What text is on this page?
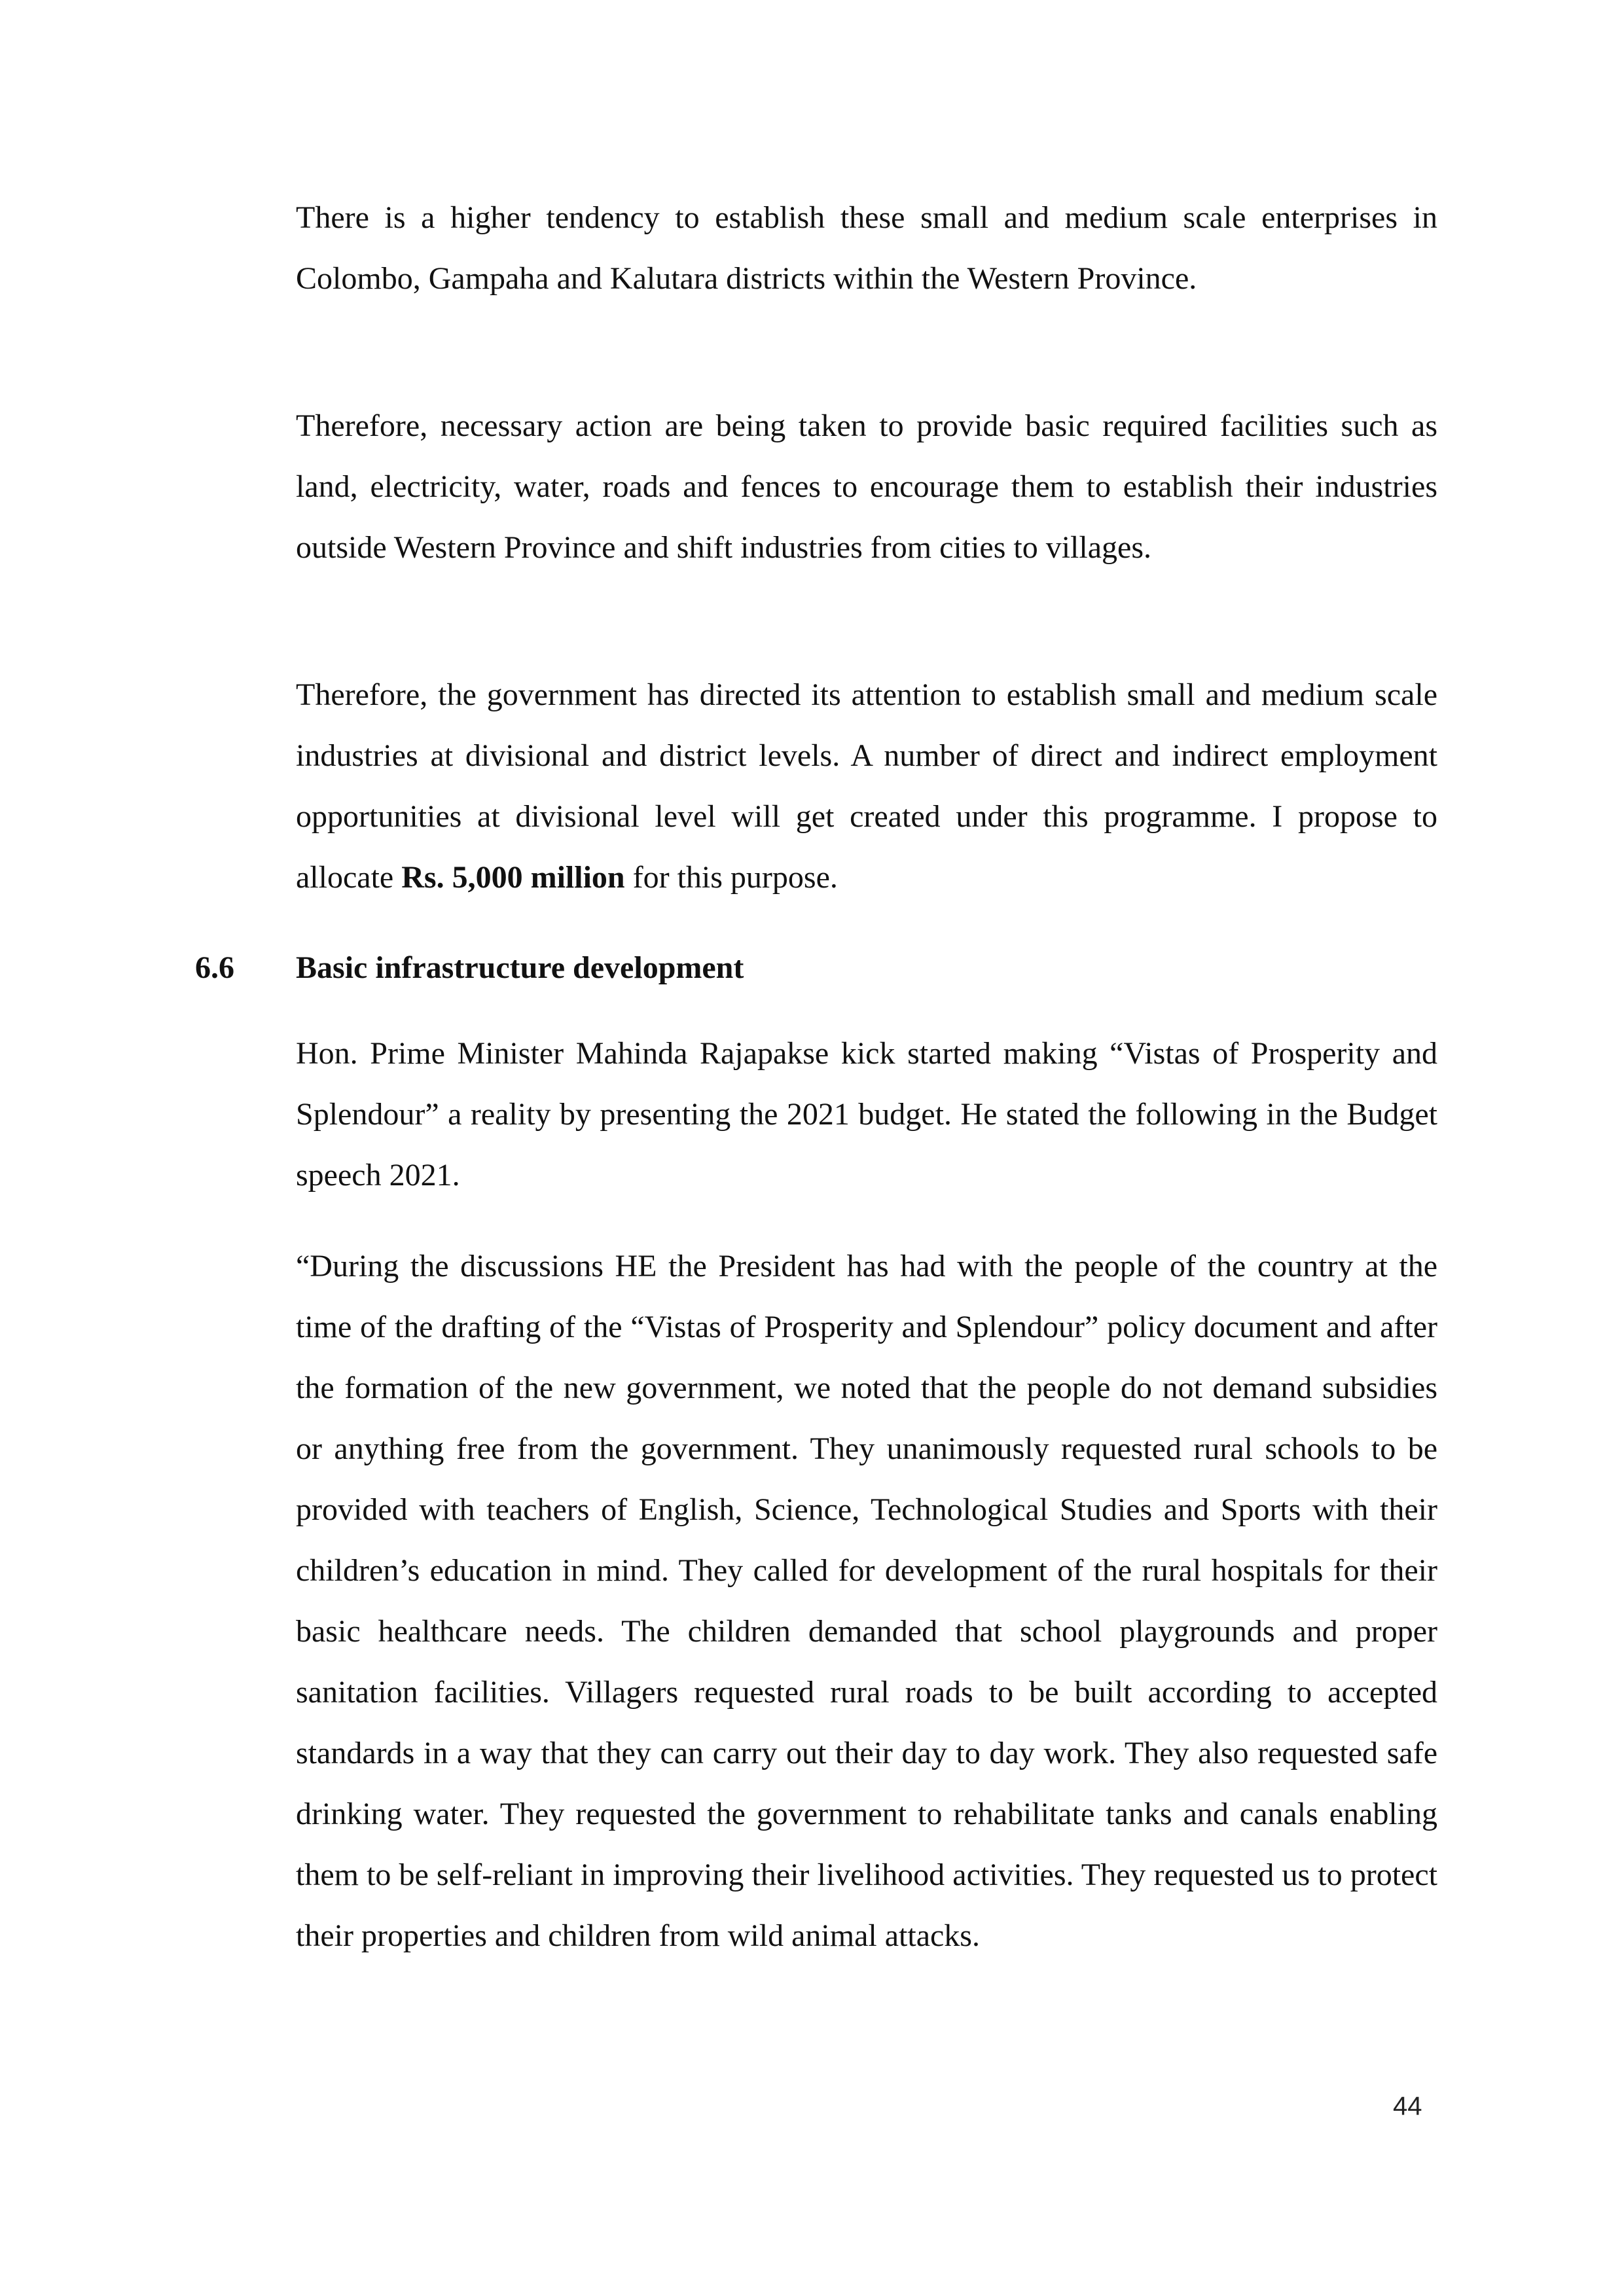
There is a higher tendency to establish these small and medium scale enterprises in Colombo, Gampaha and Kalutara districts within the Western Province.

Therefore, necessary action are being taken to provide basic required facilities such as land, electricity, water, roads and fences to encourage them to establish their industries outside Western Province and shift industries from cities to villages.

Therefore, the government has directed its attention to establish small and medium scale industries at divisional and district levels. A number of direct and indirect employment opportunities at divisional level will get created under this programme. I propose to allocate Rs. 5,000 million for this purpose.

6.6 Basic infrastructure development

Hon. Prime Minister Mahinda Rajapakse kick started making “Vistas of Prosperity and Splendour” a reality by presenting the 2021 budget. He stated the following in the Budget speech 2021.

“During the discussions HE the President has had with the people of the country at the time of the drafting of the “Vistas of Prosperity and Splendour” policy document and after the formation of the new government, we noted that the people do not demand subsidies or anything free from the government. They unanimously requested rural schools to be provided with teachers of English, Science, Technological Studies and Sports with their children’s education in mind. They called for development of the rural hospitals for their basic healthcare needs. The children demanded that school playgrounds and proper sanitation facilities. Villagers requested rural roads to be built according to accepted standards in a way that they can carry out their day to day work. They also requested safe drinking water. They requested the government to rehabilitate tanks and canals enabling them to be self-reliant in improving their livelihood activities. They requested us to protect their properties and children from wild animal attacks.

44
